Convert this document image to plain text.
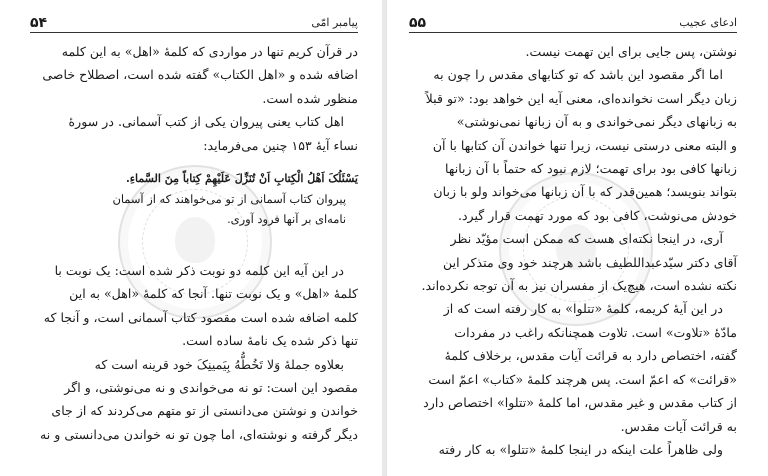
۵۴	پیامبر امّی

در قرآن کریم تنها در مواردی که کلمهٔ «اهل» به این کلمه

اضافه شده و «اهل الکتاب» گفته شده است، اصطلاح خاصی

منظور شده است.

اهل کتاب یعنی پیروان یکی از کتب آسمانی. در سورهٔ

نساء آیهٔ ۱۵۳ چنین می‌فرماید:

یَسْئَلُکَ اَهْلُ الْکِتابِ اَنْ تُنَزِّلَ عَلَیْهِمْ کِتاباً مِنَ السَّماءِ.

پیروان کتاب آسمانی از تو می‌خواهند که از آسمان

نامه‌ای بر آنها فرود آوری.

در این آیه این کلمه دو نوبت ذکر شده است: یک نوبت با

کلمهٔ «اهل» و یک نوبت تنها. آنجا که کلمهٔ «اهل» به این

کلمه اضافه شده است مقصود کتاب آسمانی است، و آنجا که

تنها ذکر شده یک نامهٔ ساده است.

بعلاوه جملهٔ وَلا تَخُطُّهُ بِیَمینِکَ خود قرینه است که

مقصود این است: تو نه می‌خواندی و نه می‌نوشتی، و اگر

خواندن و نوشتن می‌دانستی از تو متهم می‌کردند که از جای

دیگر گرفته و نوشته‌ای، اما چون تو نه خواندن می‌دانستی و نه

۵۵	ادعای عجیب

نوشتن، پس جایی برای این تهمت نیست.

اما اگر مقصود این باشد که تو کتابهای مقدس را چون به

زبان دیگر است نخوانده‌ای، معنی آیه این خواهد بود: «تو قبلاً

به زبانهای دیگر نمی‌خواندی و به آن زبانها نمی‌نوشتی»

و البته معنی درستی نیست، زیرا تنها خواندن آن کتابها با آن

زبانها کافی بود برای تهمت؛ لازم نبود که حتماً با آن زبانها

بتواند بنویسد؛ همین‌قدر که با آن زبانها می‌خواند ولو با زبان

خودش می‌نوشت، کافی بود که مورد تهمت قرار گیرد.

آری، در اینجا نکته‌ای هست که ممکن است مؤیّد نظر

آقای دکتر سیّدعبداللطیف باشد هرچند خود وی متذکر این

نکته نشده است، هیچ‌یک از مفسران نیز به آن توجه نکرده‌اند.

در این آیهٔ کریمه، کلمهٔ «تتلوا» به کار رفته است که از

مادّهٔ «تلاوت» است. تلاوت همچنانکه راغب در مفردات

گفته، اختصاص دارد به قرائت آیات مقدس، برخلاف کلمهٔ

«قرائت» که اعمّ است. پس هرچند کلمهٔ «کتاب» اعمّ است

از کتاب مقدس و غیر مقدس، اما کلمهٔ «تتلوا» اختصاص دارد

به قرائت آیات مقدس.

ولی ظاهراً علت اینکه در اینجا کلمهٔ «تتلوا» به کار رفته
